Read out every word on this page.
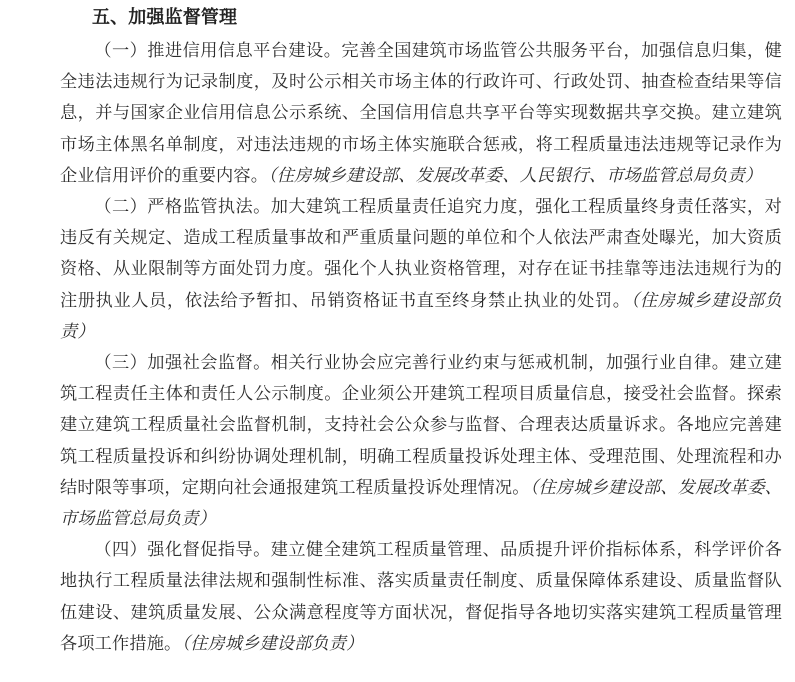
五、加强监督管理

（一）推进信用信息平台建设。完善全国建筑市场监管公共服务平台，加强信息归集，健全违法违规行为记录制度，及时公示相关市场主体的行政许可、行政处罚、抽查检查结果等信息，并与国家企业信用信息公示系统、全国信用信息共享平台等实现数据共享交换。建立建筑市场主体黑名单制度，对违法违规的市场主体实施联合惩戒，将工程质量违法违规等记录作为企业信用评价的重要内容。（住房城乡建设部、发展改革委、人民银行、市场监管总局负责）

（二）严格监管执法。加大建筑工程质量责任追究力度，强化工程质量终身责任落实，对违反有关规定、造成工程质量事故和严重质量问题的单位和个人依法严肃查处曝光，加大资质资格、从业限制等方面处罚力度。强化个人执业资格管理，对存在证书挂靠等违法违规行为的注册执业人员，依法给予暂扣、吊销资格证书直至终身禁止执业的处罚。（住房城乡建设部负责）

（三）加强社会监督。相关行业协会应完善行业约束与惩戒机制，加强行业自律。建立建筑工程责任主体和责任人公示制度。企业须公开建筑工程项目质量信息，接受社会监督。探索建立建筑工程质量社会监督机制，支持社会公众参与监督、合理表达质量诉求。各地应完善建筑工程质量投诉和纠纷协调处理机制，明确工程质量投诉处理主体、受理范围、处理流程和办结时限等事项，定期向社会通报建筑工程质量投诉处理情况。（住房城乡建设部、发展改革委、市场监管总局负责）

（四）强化督促指导。建立健全建筑工程质量管理、品质提升评价指标体系，科学评价各地执行工程质量法律法规和强制性标准、落实质量责任制度、质量保障体系建设、质量监督队伍建设、建筑质量发展、公众满意程度等方面状况，督促指导各地切实落实建筑工程质量管理各项工作措施。（住房城乡建设部负责）
